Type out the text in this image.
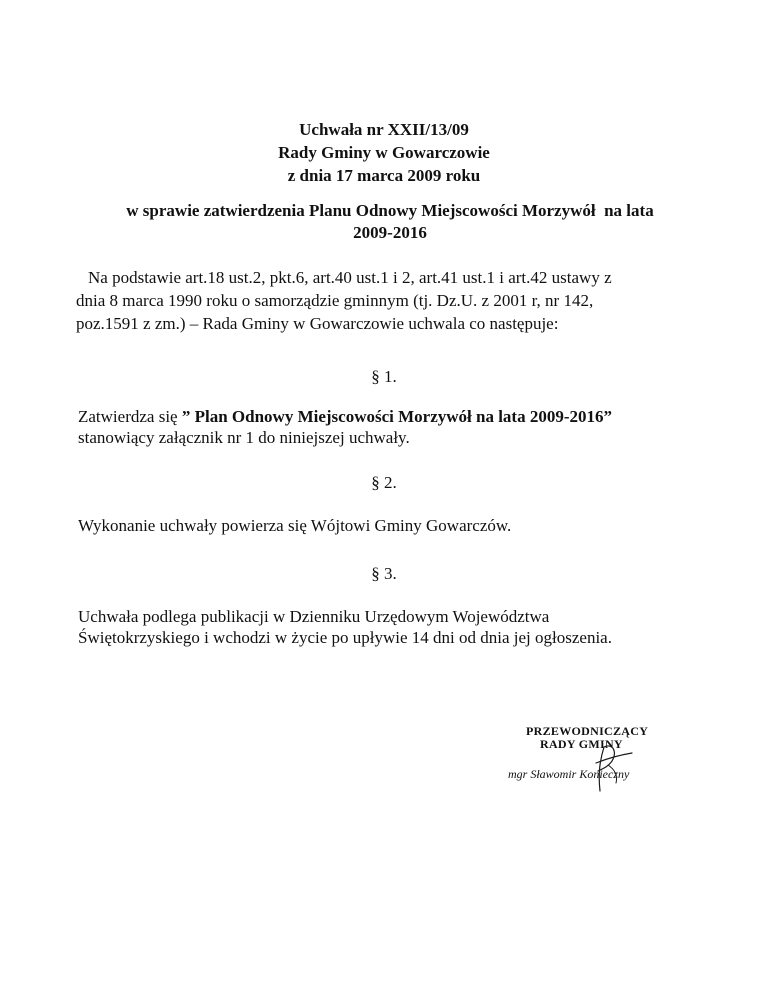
Uchwała nr XXII/13/09
Rady Gminy w Gowarczowie
z dnia 17 marca 2009 roku
w sprawie zatwierdzenia Planu Odnowy Miejscowości Morzywół  na lata
2009-2016
Na podstawie art.18 ust.2, pkt.6, art.40 ust.1 i 2, art.41 ust.1 i art.42 ustawy z
dnia 8 marca 1990 roku o samorządzie gminnym (tj. Dz.U. z 2001 r, nr 142,
poz.1591 z zm.) – Rada Gminy w Gowarczowie uchwala co następuje:
§ 1.
Zatwierdza się ” Plan Odnowy Miejscowości Morzywół na lata 2009-2016”
stanowiący załącznik nr 1 do niniejszej uchwały.
§ 2.
Wykonanie uchwały powierza się Wójtowi Gminy Gowarczów.
§ 3.
Uchwała podlega publikacji w Dzienniku Urzędowym Województwa
Świętokrzyskiego i wchodzi w życie po upływie 14 dni od dnia jej ogłoszenia.
PRZEWODNICZĄCY
RADY GMINY
mgr Sławomir Konieczny
